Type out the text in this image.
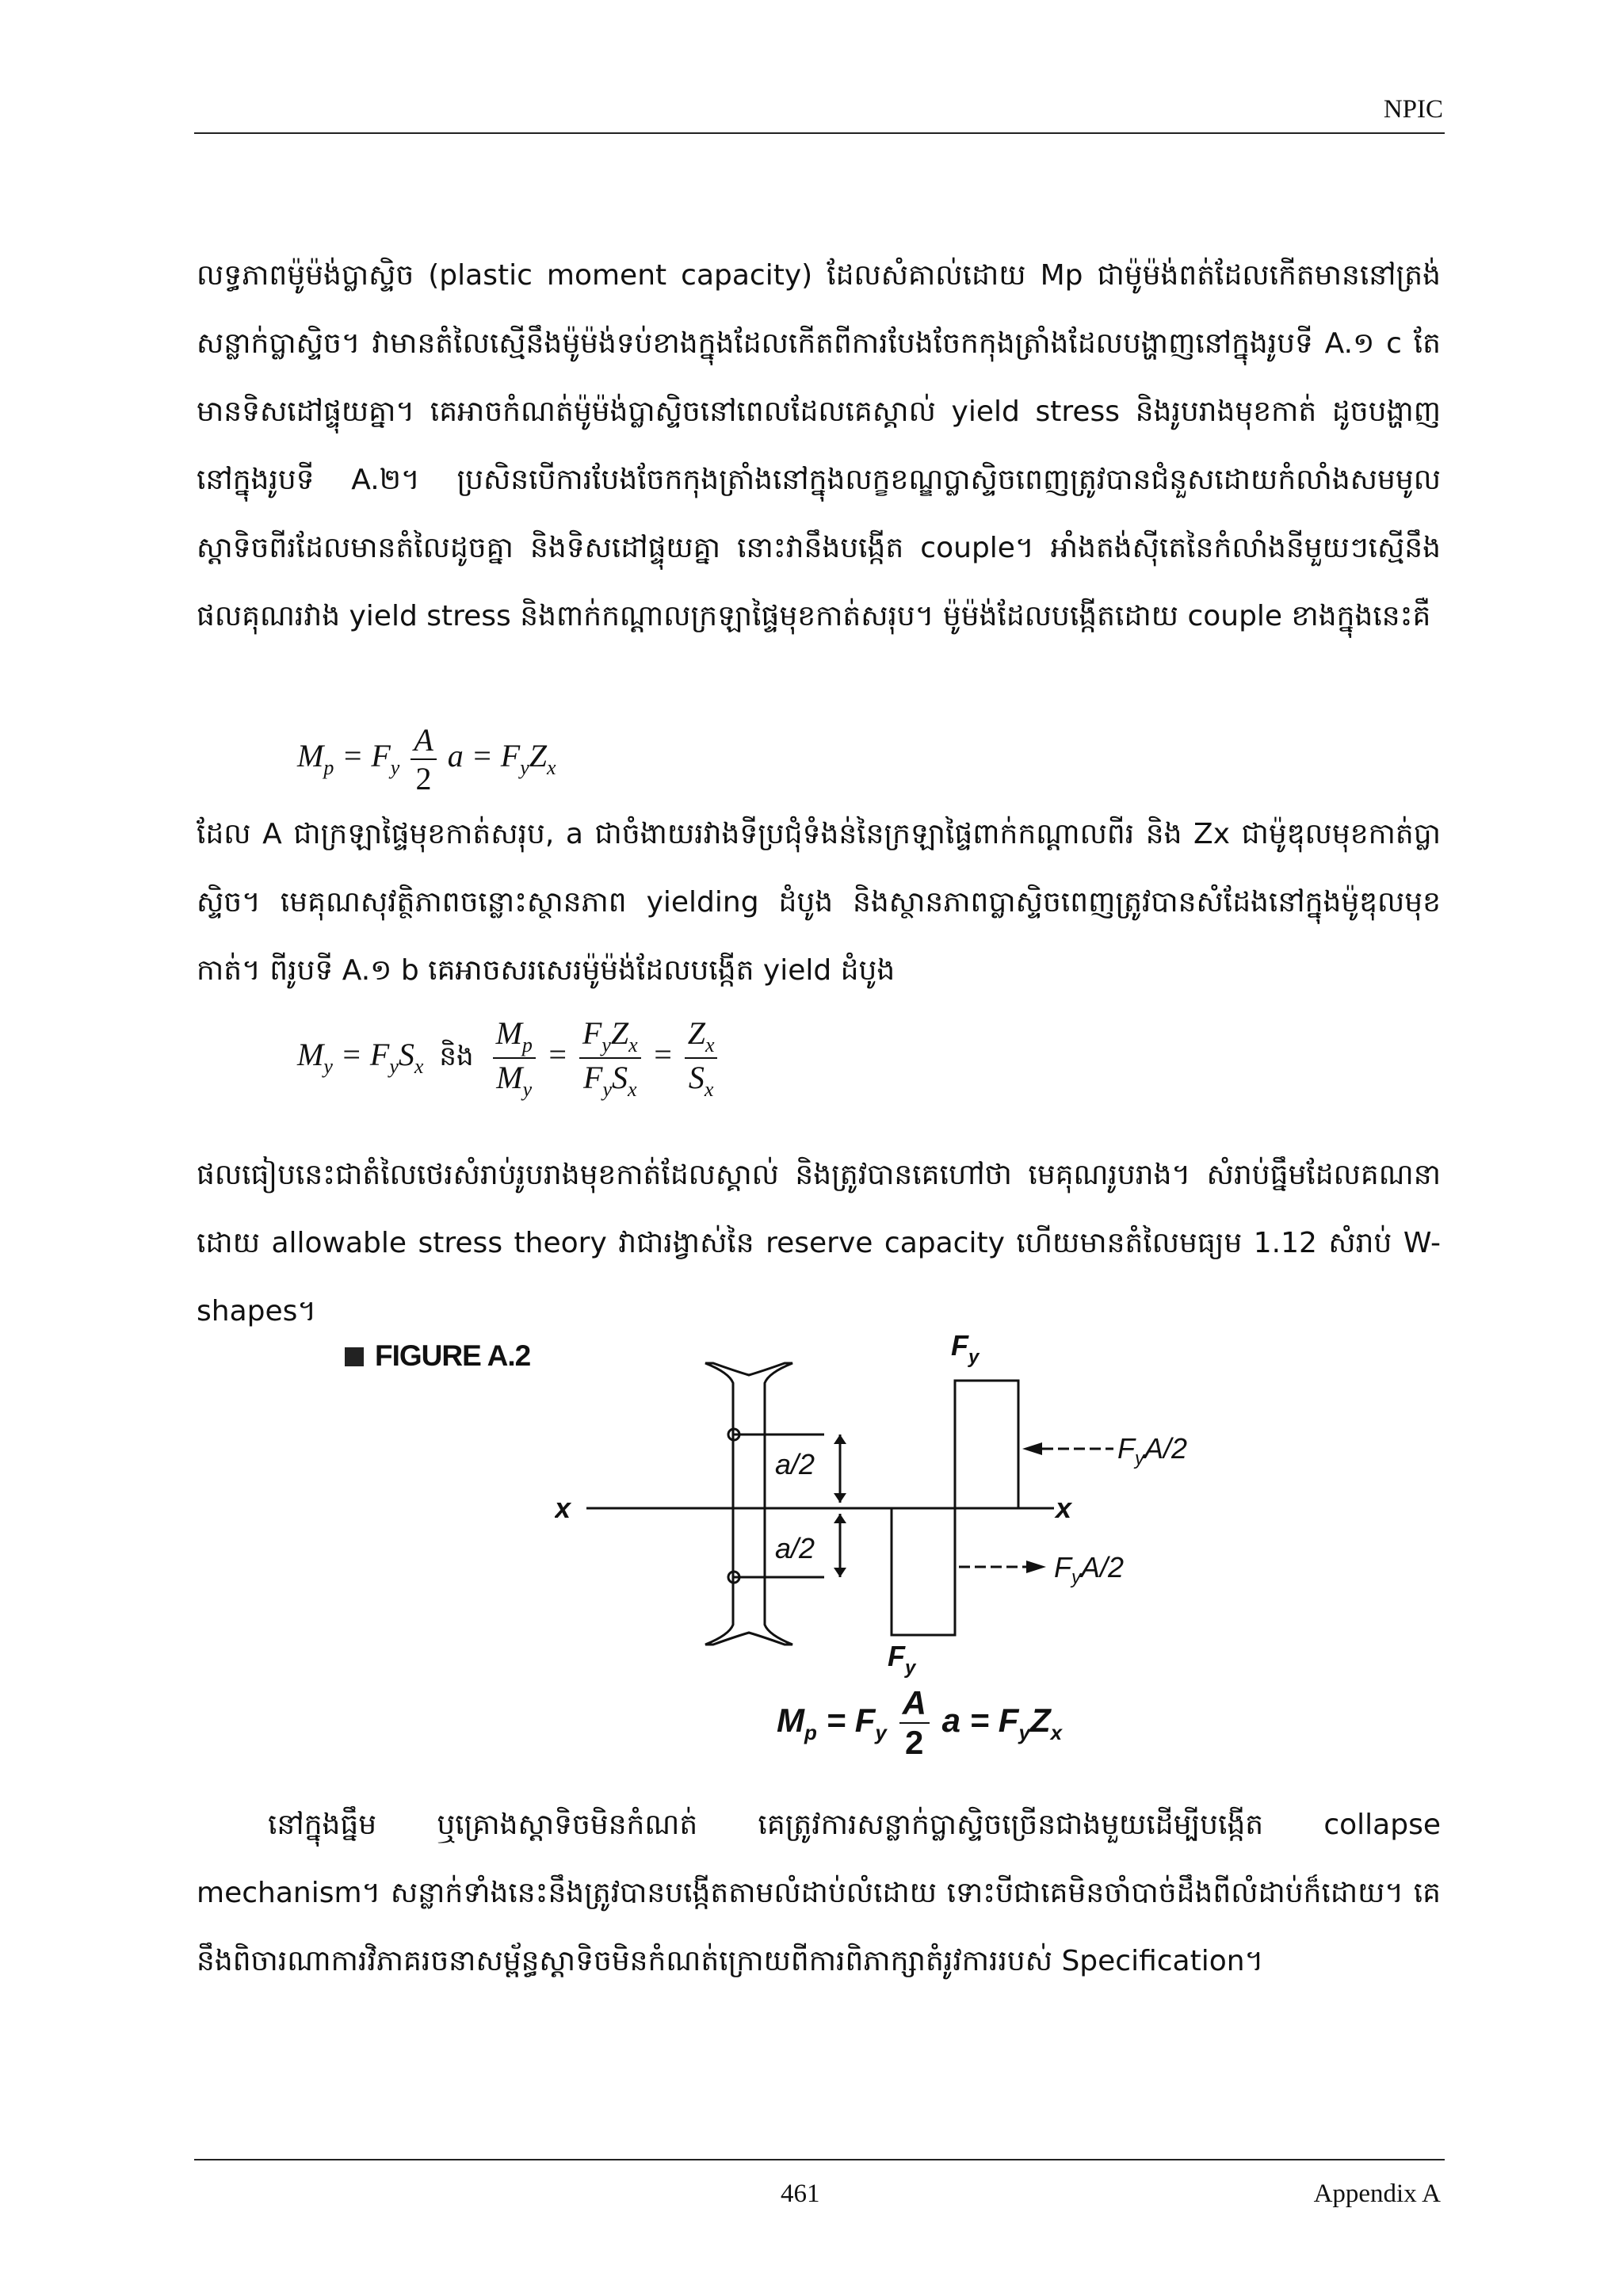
NPIC

លទ្ធភាពម៉ូម៉ង់ប្លាស្ទិច (plastic moment capacity) ដែលសំគាល់ដោយ Mp ជាម៉ូម៉ង់ពត់ដែលកើតមាននៅត្រង់សន្លាក់ប្លាស្ទិច។ វាមានតំលៃស្មើនឹងម៉ូម៉ង់ទប់ខាងក្នុងដែលកើតពីការបែងចែកកុងត្រាំងដែលបង្ហាញនៅក្នុងរូបទី A.១ c តែមានទិសដៅផ្ទុយគ្នា។ គេអាចកំណត់ម៉ូម៉ង់ប្លាស្ទិចនៅពេលដែលគេស្គាល់ yield stress និងរូបរាងមុខកាត់ ដូចបង្ហាញនៅក្នុងរូបទី A.២។ ប្រសិនបើការបែងចែកកុងត្រាំងនៅក្នុងលក្ខខណ្ឌប្លាស្ទិចពេញត្រូវបានជំនួសដោយកំលាំងសមមូលស្តាទិចពីរដែលមានតំលៃដូចគ្នា និងទិសដៅផ្ទុយគ្នា នោះវានឹងបង្កើត couple។ អាំងតង់ស៊ីតេនៃកំលាំងនីមួយៗស្មើនឹងផលគុណរវាង yield stress និងពាក់កណ្តាលក្រឡាផ្ទៃមុខកាត់សរុប។ ម៉ូម៉ង់ដែលបង្កើតដោយ couple ខាងក្នុងនេះគឺ

$M_p = F_y \frac{A}{2}$ $a = F_yZ_x$

ដែល A ជាក្រឡាផ្ទៃមុខកាត់សរុប, a ជាចំងាយរវាងទីប្រជុំទំងន់នៃក្រឡាផ្ទៃពាក់កណ្តាលពីរ និង Zx ជាម៉ូឌុលមុខកាត់ប្លាស្ទិច។ មេគុណសុវត្ថិភាពចន្លោះស្ថានភាព yielding ដំបូង និងស្ថានភាពប្លាស្ទិចពេញត្រូវបានសំដែងនៅក្នុងម៉ូឌុលមុខកាត់។ ពីរូបទី A.១ b គេអាចសរសេរម៉ូម៉ង់ដែលបង្កើត yield ដំបូង

$M_y = F_yS_x$ និង $\frac{M_p}{M_y} = \frac{F_yZ_x}{F_yS_x} = \frac{Z_x}{S_x}$

ផលធៀបនេះជាតំលៃថេរសំរាប់រូបរាងមុខកាត់ដែលស្គាល់ និងត្រូវបានគេហៅថា មេគុណរូបរាង។ សំរាប់ធ្នឹមដែលគណនាដោយ allowable stress theory វាជារង្វាស់នៃ reserve capacity ហើយមានតំលៃមធ្យម 1.12 សំរាប់ W-shapes។

FIGURE A.2
a/2
a/2
x	x
$F_y$
$F_y$
$F_yA/2$
$F_yA/2$
$M_p = F_y \frac{A}{2}$ $a = F_yZ_x$

នៅក្នុងធ្នឹម ឬគ្រោងស្តាទិចមិនកំណត់ គេត្រូវការសន្លាក់ប្លាស្ទិចច្រើនជាងមួយដើម្បីបង្កើត collapse mechanism។ សន្លាក់ទាំងនេះនឹងត្រូវបានបង្កើតតាមលំដាប់លំដោយ ទោះបីជាគេមិនចាំបាច់ដឹងពីលំដាប់ក៏ដោយ។ គេនឹងពិចារណាការវិភាគរចនាសម្ព័ន្ធស្តាទិចមិនកំណត់ក្រោយពីការពិភាក្សាតំរូវការរបស់ Specification។

461	Appendix A
